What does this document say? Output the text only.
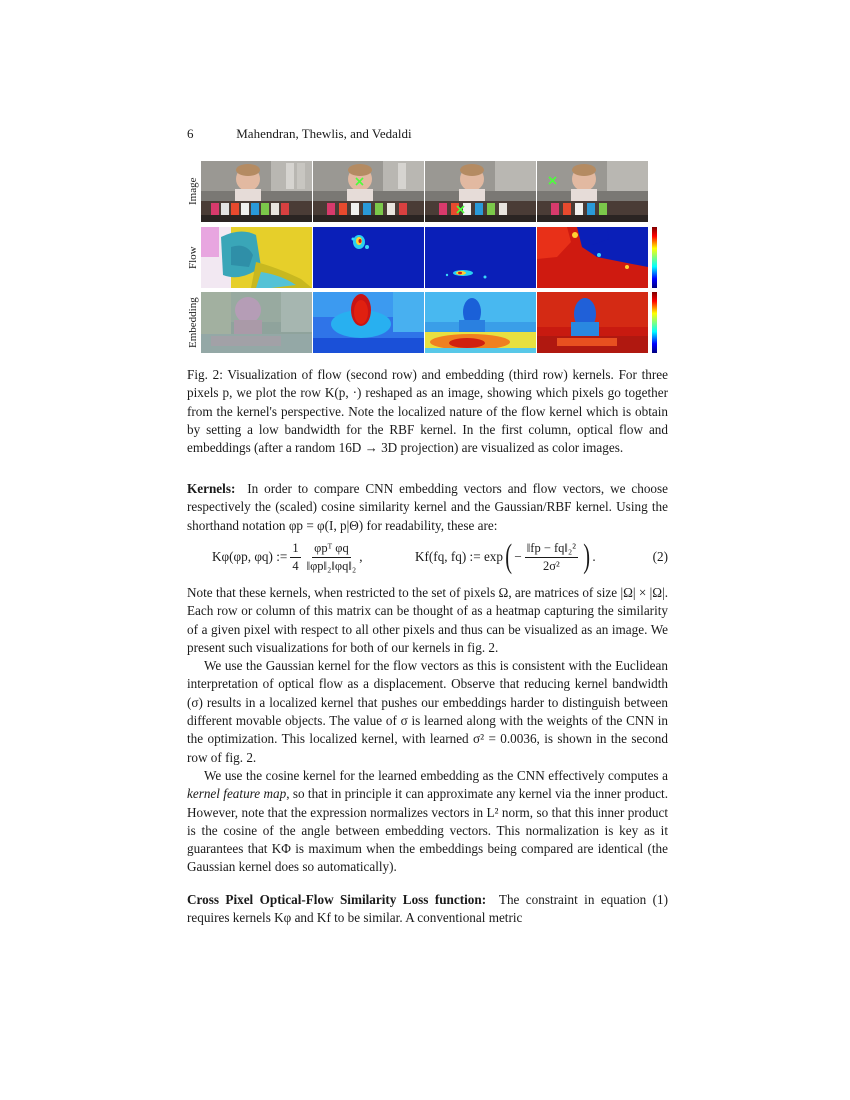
6	Mahendran, Thewlis, and Vedaldi
Image
Flow
Embedding
Fig. 2: Visualization of flow (second row) and embedding (third row) kernels. For three pixels p, we plot the row K(p, ·) reshaped as an image, showing which pixels go together from the kernel's perspective. Note the localized nature of the flow kernel which is obtain by setting a low bandwidth for the RBF kernel. In the first column, optical flow and embeddings (after a random 16D → 3D projection) are visualized as color images.

Kernels: In order to compare CNN embedding vectors and flow vectors, we choose respectively the (scaled) cosine similarity kernel and the Gaussian/RBF kernel. Using the shorthand notation φp = φ(I, p|Θ) for readability, these are:

Kφ(φp, φq) := $\frac{1}{4} \frac{\text{φpᵀ φq}}{\text{‖φp‖₂‖φq‖₂}}$ ,	Kf(fq, fq) := exp ( − $\frac{\text{‖fp − fq‖₂²}}{\text{2σ²}}$ ) .	(2)

Note that these kernels, when restricted to the set of pixels Ω, are matrices of size |Ω| × |Ω|. Each row or column of this matrix can be thought of as a heatmap capturing the similarity of a given pixel with respect to all other pixels and thus can be visualized as an image. We present such visualizations for both of our kernels in fig. 2.

We use the Gaussian kernel for the flow vectors as this is consistent with the Euclidean interpretation of optical flow as a displacement. Observe that reducing kernel bandwidth (σ) results in a localized kernel that pushes our embeddings harder to distinguish between different movable objects. The value of σ is learned along with the weights of the CNN in the optimization. This localized kernel, with learned σ² = 0.0036, is shown in the second row of fig. 2.

We use the cosine kernel for the learned embedding as the CNN effectively computes a kernel feature map, so that in principle it can approximate any kernel via the inner product. However, note that the expression normalizes vectors in L² norm, so that this inner product is the cosine of the angle between embedding vectors. This normalization is key as it guarantees that KΦ is maximum when the embeddings being compared are identical (the Gaussian kernel does so automatically).

Cross Pixel Optical-Flow Similarity Loss function: The constraint in equation (1) requires kernels Kφ and Kf to be similar. A conventional metric
